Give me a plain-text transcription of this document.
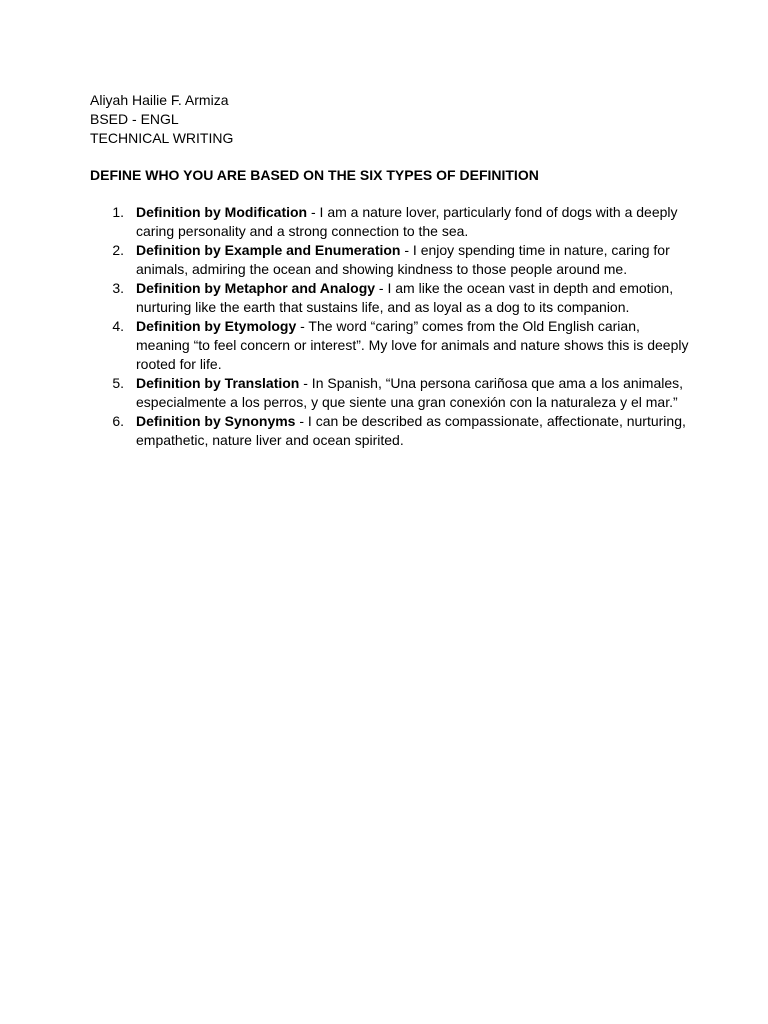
Aliyah Hailie F. Armiza
BSED - ENGL
TECHNICAL WRITING
DEFINE WHO YOU ARE BASED ON THE SIX TYPES OF DEFINITION
1. Definition by Modification - I am a nature lover, particularly fond of dogs with a deeply caring personality and a strong connection to the sea.
2. Definition by Example and Enumeration - I enjoy spending time in nature, caring for animals, admiring the ocean and showing kindness to those people around me.
3. Definition by Metaphor and Analogy - I am like the ocean vast in depth and emotion, nurturing like the earth that sustains life, and as loyal as a dog to its companion.
4. Definition by Etymology - The word “caring” comes from the Old English carian, meaning “to feel concern or interest”. My love for animals and nature shows this is deeply rooted for life.
5. Definition by Translation - In Spanish, “Una persona cariñosa que ama a los animales, especialmente a los perros, y que siente una gran conexión con la naturaleza y el mar.”
6. Definition by Synonyms - I can be described as compassionate, affectionate, nurturing, empathetic, nature liver and ocean spirited.
